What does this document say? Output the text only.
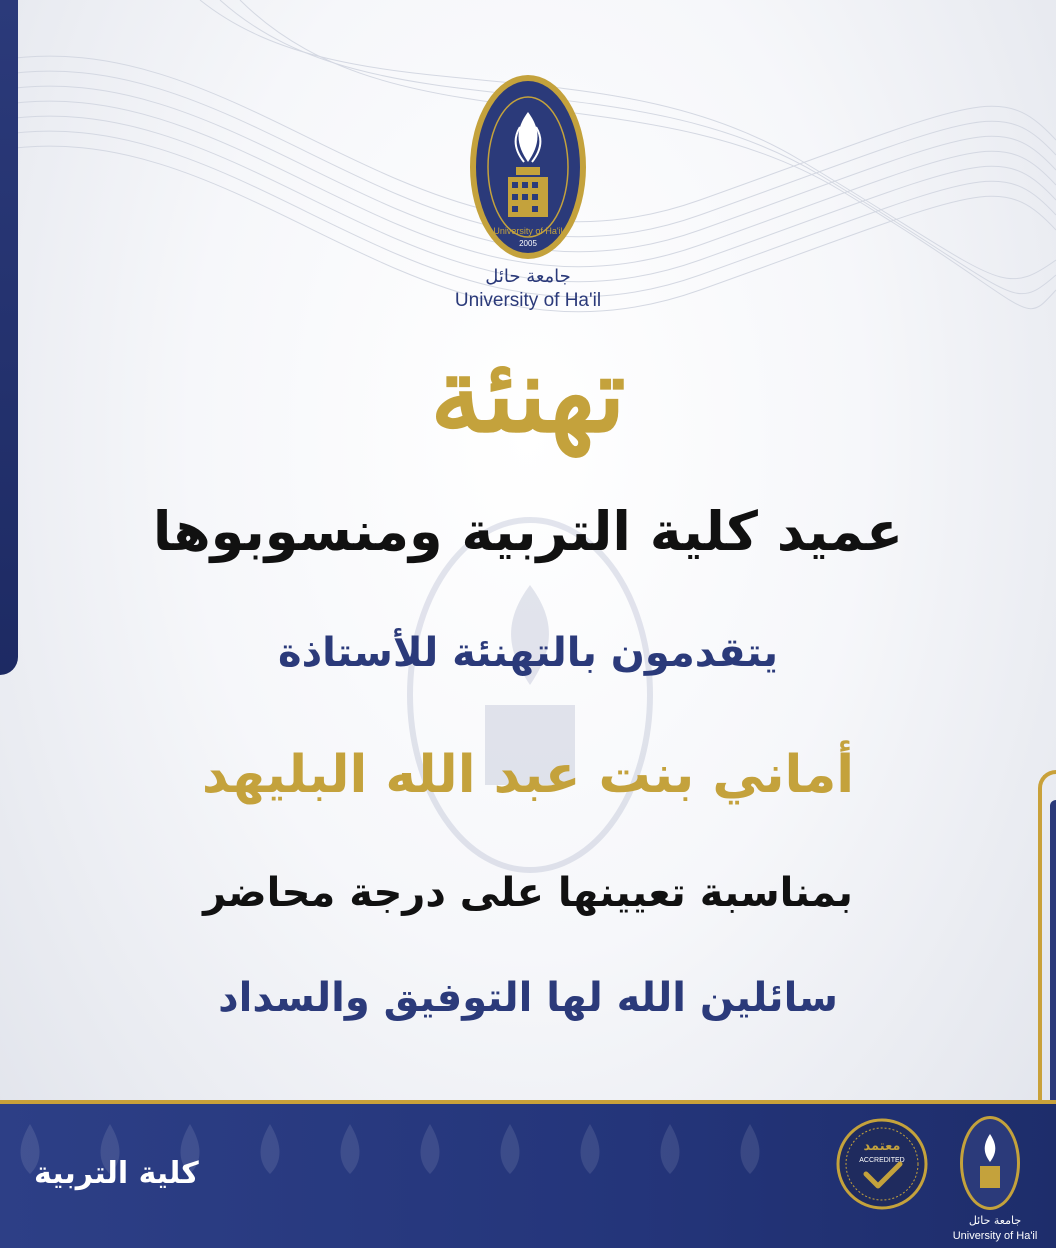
University of Ha'il
2005
جامعة حائل
University of Ha'il
تهنئة
عميد كلية التربية ومنسوبوها
يتقدمون بالتهنئة للأستاذة
أماني بنت عبد الله البليهد
بمناسبة تعيينها على درجة محاضر
سائلين الله لها التوفيق والسداد
كلية التربية
معتمد
ACCREDITED
جامعة حائل
University of Ha'il
